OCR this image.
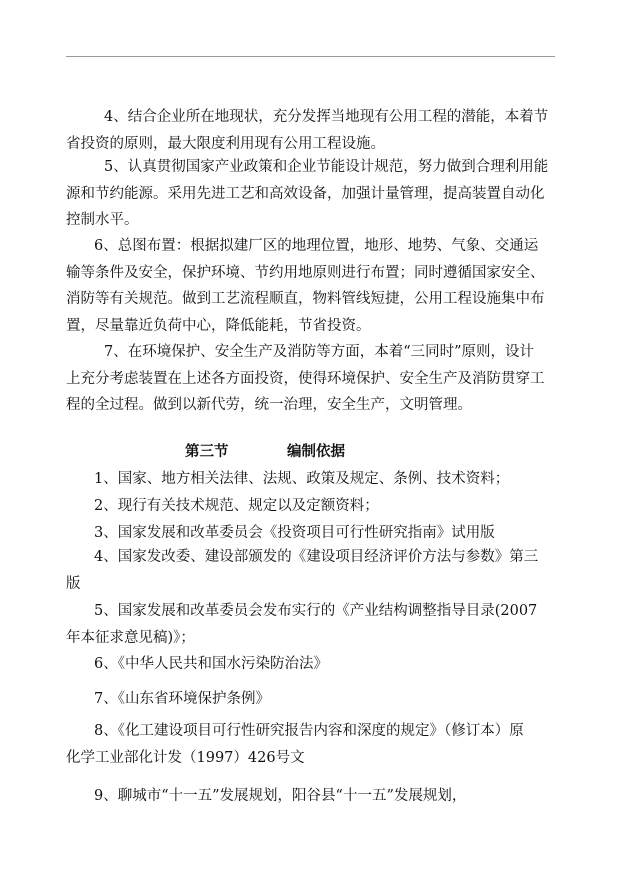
4、结合企业所在地现状，充分发挥当地现有公用工程的潜能，本着节
省投资的原则，最大限度利用现有公用工程设施。
5、认真贯彻国家产业政策和企业节能设计规范，努力做到合理利用能
源和节约能源。采用先进工艺和高效设备，加强计量管理，提高装置自动化
控制水平。
6、总图布置：根据拟建厂区的地理位置，地形、地势、气象、交通运
输等条件及安全，保护环境、节约用地原则进行布置；同时遵循国家安全、
消防等有关规范。做到工艺流程顺直，物料管线短捷，公用工程设施集中布
置，尽量靠近负荷中心，降低能耗，节省投资。
7、在环境保护、安全生产及消防等方面，本着“三同时”原则，设计
上充分考虑装置在上述各方面投资，使得环境保护、安全生产及消防贯穿工
程的全过程。做到以新代劳，统一治理，安全生产，文明管理。
第三节	编制依据
1、国家、地方相关法律、法规、政策及规定、条例、技术资料；
2、现行有关技术规范、规定以及定额资料；
3、国家发展和改革委员会《投资项目可行性研究指南》试用版
4、国家发改委、建设部颁发的《建设项目经济评价方法与参数》第三
版
5、国家发展和改革委员会发布实行的《产业结构调整指导目录(2007
年本征求意见稿)》；
6、《中华人民共和国水污染防治法》
7、《山东省环境保护条例》
8、《化工建设项目可行性研究报告内容和深度的规定》（修订本）原
化学工业部化计发（1997）426号文
9、聊城市“十一五”发展规划，阳谷县“十一五”发展规划，
